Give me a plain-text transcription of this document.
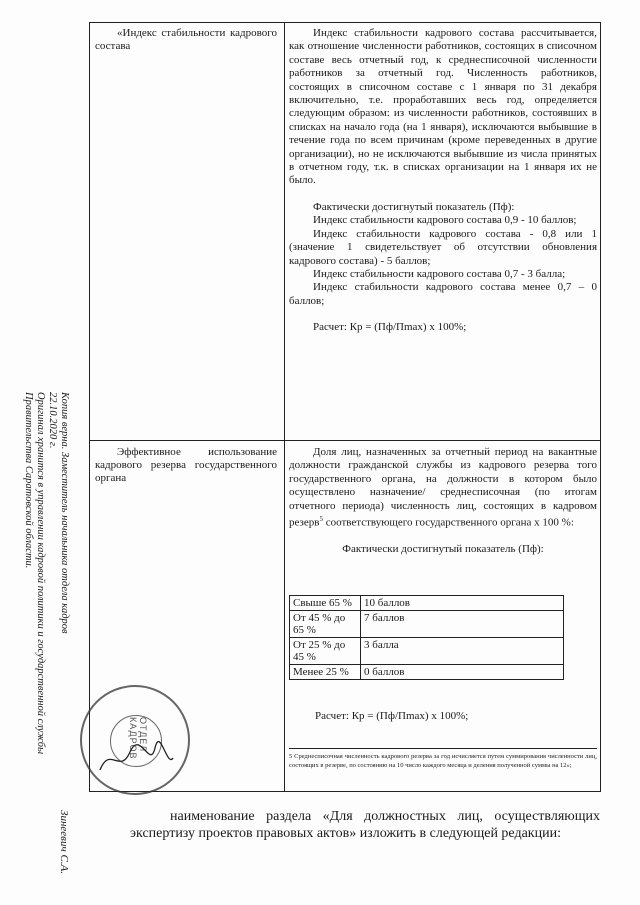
«Индекс стабильности кадрового состава

Индекс стабильности кадрового состава рассчитывается, как отношение численности работников, состоящих в списочном составе весь отчетный год, к среднесписочной численности работников за отчетный год. Численность работников, состоящих в списочном составе с 1 января по 31 декабря включительно, т.е. проработавших весь год, определяется следующим образом: из численности работников, состоявших в списках на начало года (на 1 января), исключаются выбывшие в течение года по всем причинам (кроме переведенных в другие организации), но не исключаются выбывшие из числа принятых в отчетном году, т.к. в списках организации на 1 января их не было.

Фактически достигнутый показатель (Пф):

Индекс стабильности кадрового состава 0,9 - 10 баллов;

Индекс стабильности кадрового состава - 0,8 или 1 (значение 1 свидетельствует об отсутствии обновления кадрового состава) - 5 баллов;

Индекс стабильности кадрового состава 0,7 - 3 балла;

Индекс стабильности кадрового состава менее 0,7 – 0 баллов;

Расчет: Кр = (Пф/Пmах) х 100%;

Эффективное использование кадрового резерва государственного органа

Доля лиц, назначенных за отчетный период на вакантные должности гражданской службы из кадрового резерва того государственного органа, на должности в котором было осуществлено назначение/ среднесписочная (по итогам отчетного периода) численность лиц, состоящих в кадровом резерв$^5$ соответствующего государственного органа х 100 %:

Фактически достигнутый показатель (Пф):

Свыше 65 %	10 баллов
От 45 % до 65 %	7 баллов
От 25 % до 45 %	3 балла
Менее 25 %	0 баллов

Расчет: Кр = (Пф/Пmах) х 100%;

5 Среднесписочная численность кадрового резерва за год исчисляется путем суммирования численности лиц, состоящих в резерве, по состоянию на 10 число каждого месяца и деления полученной суммы на 12»;
наименование раздела «Для должностных лиц, осуществляющих экспертизу проектов правовых актов» изложить в следующей редакции:
Копия верна. Заместитель начальника отдела кадров
22.10.2020 г.
Оригинал хранится в управлении кадровой политики и государственной службы
Правительства Саратовской области.
Зинеевич С.А.
ОТДЕЛ КАДРОВ
